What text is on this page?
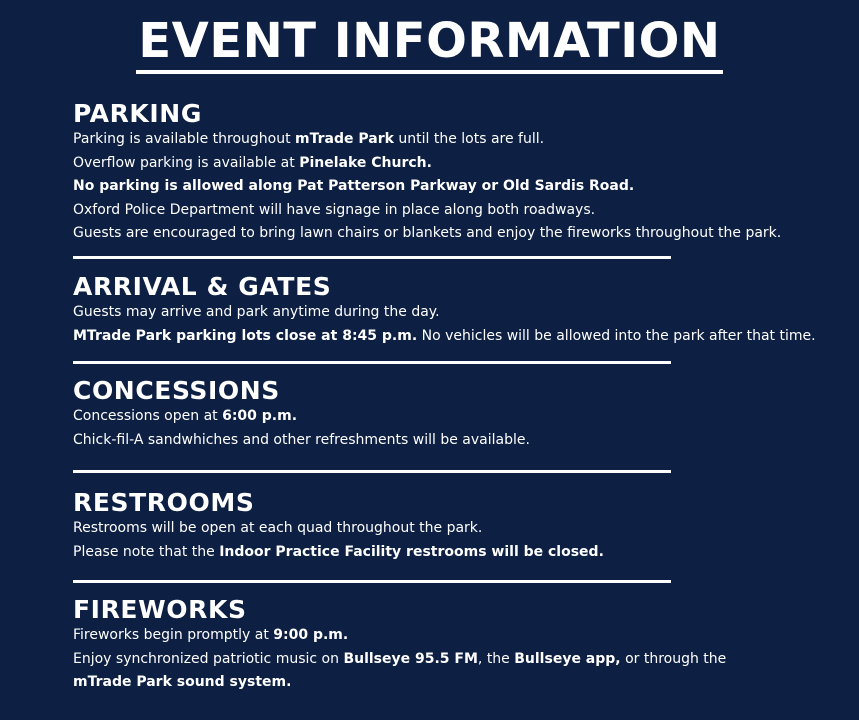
EVENT INFORMATION
PARKING
Parking is available throughout mTrade Park until the lots are full.
Overflow parking is available at Pinelake Church.
No parking is allowed along Pat Patterson Parkway or Old Sardis Road.
Oxford Police Department will have signage in place along both roadways.
Guests are encouraged to bring lawn chairs or blankets and enjoy the fireworks throughout the park.
ARRIVAL & GATES
Guests may arrive and park anytime during the day.
MTrade Park parking lots close at 8:45 p.m. No vehicles will be allowed into the park after that time.
CONCESSIONS
Concessions open at 6:00 p.m.
Chick-fil-A sandwhiches and other refreshments will be available.
RESTROOMS
Restrooms will be open at each quad throughout the park.
Please note that the Indoor Practice Facility restrooms will be closed.
FIREWORKS
Fireworks begin promptly at 9:00 p.m.
Enjoy synchronized patriotic music on Bullseye 95.5 FM, the Bullseye app, or through the
mTrade Park sound system.
